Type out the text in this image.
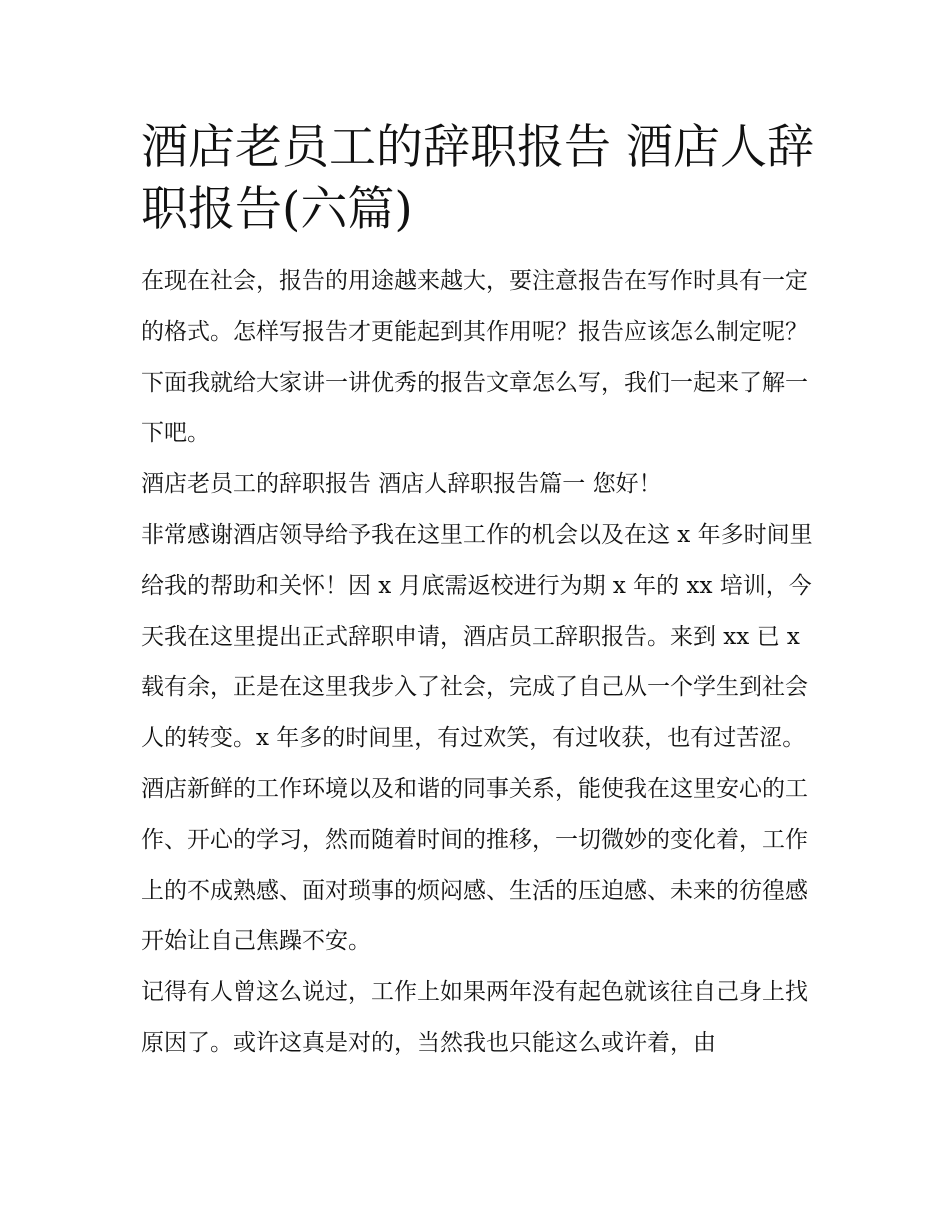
酒店老员工的辞职报告 酒店人辞职报告(六篇)

在现在社会，报告的用途越来越大，要注意报告在写作时具有一定的格式。怎样写报告才更能起到其作用呢？报告应该怎么制定呢？下面我就给大家讲一讲优秀的报告文章怎么写，我们一起来了解一下吧。

酒店老员工的辞职报告 酒店人辞职报告篇一 您好！

非常感谢酒店领导给予我在这里工作的机会以及在这 x 年多时间里给我的帮助和关怀！因 x 月底需返校进行为期 x 年的 xx 培训，今天我在这里提出正式辞职申请，酒店员工辞职报告。来到 xx 已 x 载有余，正是在这里我步入了社会，完成了自己从一个学生到社会人的转变。x 年多的时间里，有过欢笑，有过收获，也有过苦涩。酒店新鲜的工作环境以及和谐的同事关系，能使我在这里安心的工作、开心的学习，然而随着时间的推移，一切微妙的变化着，工作上的不成熟感、面对琐事的烦闷感、生活的压迫感、未来的彷徨感开始让自己焦躁不安。

记得有人曾这么说过，工作上如果两年没有起色就该往自己身上找原因了。或许这真是对的，当然我也只能这么或许着，由
